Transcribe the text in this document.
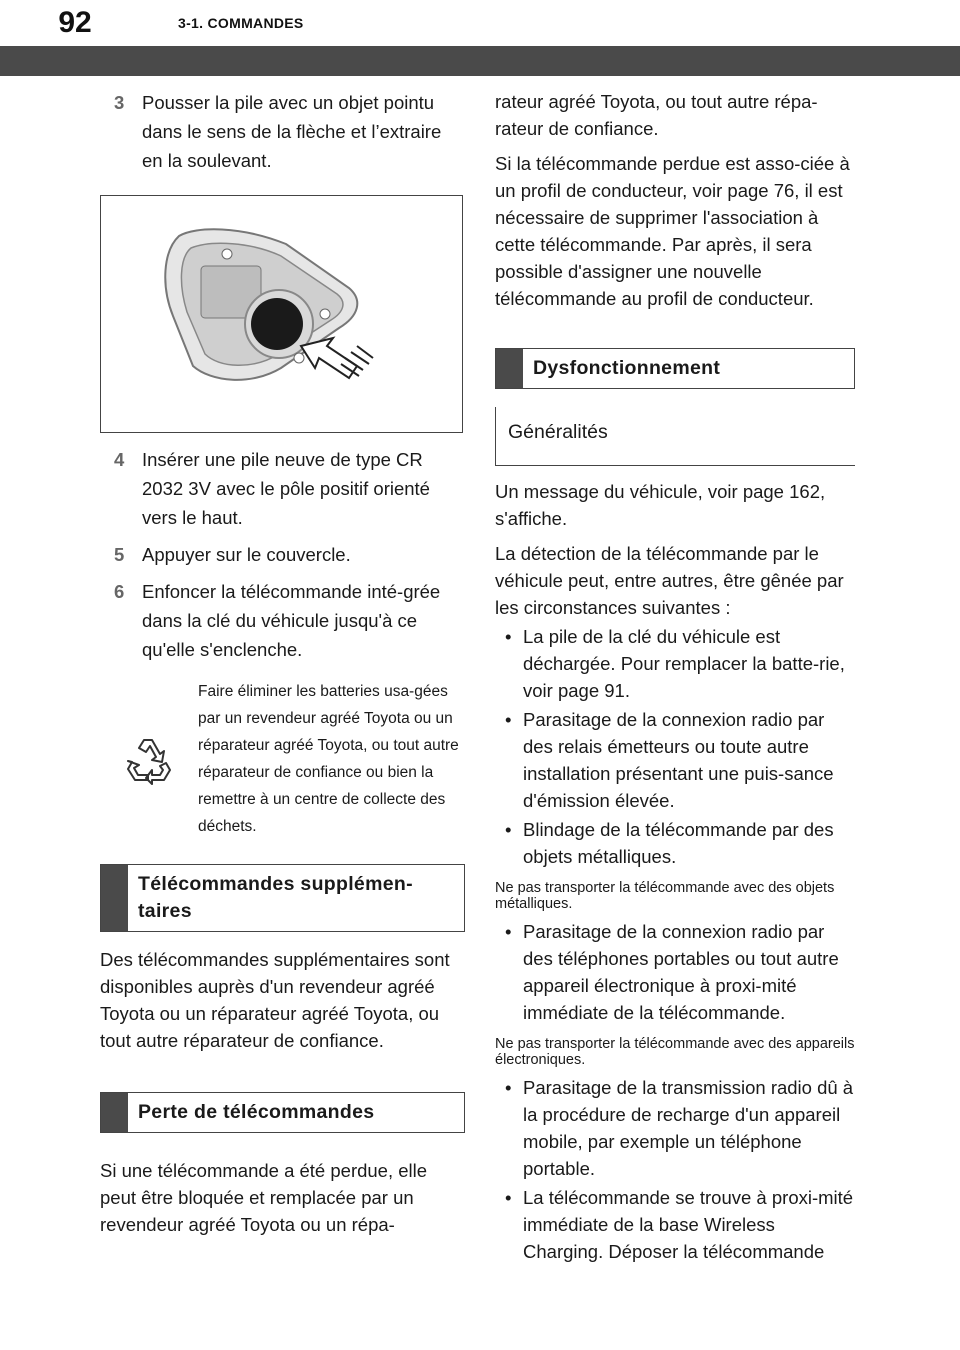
92	3-1. COMMANDES
3 Pousser la pile avec un objet pointu dans le sens de la flèche et l’extraire en la soulevant.
4 Insérer une pile neuve de type CR 2032 3V avec le pôle positif orienté vers le haut.
5 Appuyer sur le couvercle.
6 Enfoncer la télécommande inté-grée dans la clé du véhicule jusqu'à ce qu'elle s'enclenche.
Faire éliminer les batteries usa-gées par un revendeur agréé Toyota ou un réparateur agréé Toyota, ou tout autre réparateur de confiance ou bien la remettre à un centre de collecte des déchets.
Télécommandes supplémen-taires

Des télécommandes supplémentaires sont disponibles auprès d'un revendeur agréé Toyota ou un réparateur agréé Toyota, ou tout autre réparateur de confiance.

Perte de télécommandes

Si une télécommande a été perdue, elle peut être bloquée et remplacée par un revendeur agréé Toyota ou un répa-

rateur agréé Toyota, ou tout autre répa-rateur de confiance.

Si la télécommande perdue est asso-ciée à un profil de conducteur, voir page 76, il est nécessaire de supprimer l'association à cette télécommande. Par après, il sera possible d'assigner une nouvelle télécommande au profil de conducteur.

Dysfonctionnement
Généralités

Un message du véhicule, voir page 162, s'affiche.

La détection de la télécommande par le véhicule peut, entre autres, être gênée par les circonstances suivantes :

• La pile de la clé du véhicule est déchargée. Pour remplacer la batte-rie, voir page 91.
• Parasitage de la connexion radio par des relais émetteurs ou toute autre installation présentant une puis-sance d'émission élevée.
• Blindage de la télécommande par des objets métalliques.

Ne pas transporter la télécommande avec des objets métalliques.

• Parasitage de la connexion radio par des téléphones portables ou tout autre appareil électronique à proxi-mité immédiate de la télécommande.

Ne pas transporter la télécommande avec des appareils électroniques.

• Parasitage de la transmission radio dû à la procédure de recharge d'un appareil mobile, par exemple un téléphone portable.
• La télécommande se trouve à proxi-mité immédiate de la base Wireless Charging. Déposer la télécommande
